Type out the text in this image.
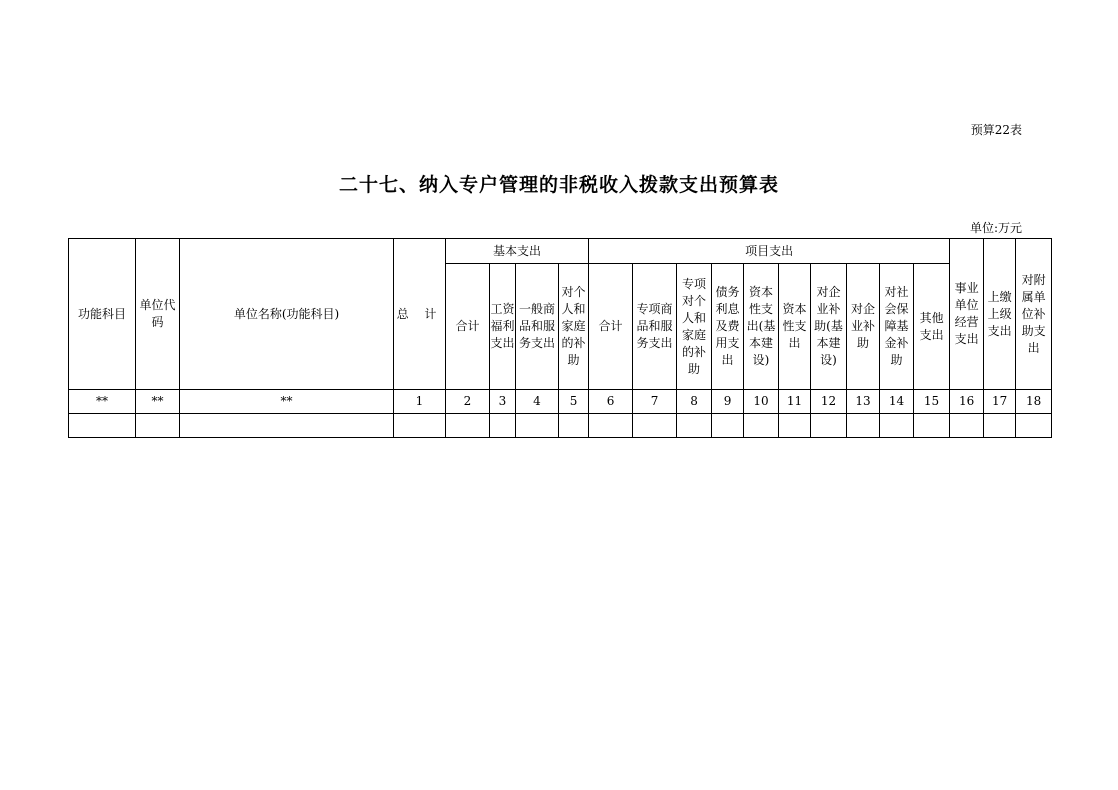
预算22表
二十七、纳入专户管理的非税收入拨款支出预算表
单位:万元
功能科目	单位代码	单位名称(功能科目)	总 计	基本支出				项目支出										事业单位经营支出	上缴上级支出	对附属单位补助支出
				合计	工资福利支出	一般商品和服务支出	对个人和家庭的补助	合计	专项商品和服务支出	专项对个人和家庭的补助	债务利息及费用支出	资本性支出(基本建设)	资本性支出	对企业补助(基本建设)	对企业补助	对社会保障基金补助	其他支出			
**	**	**	1	2	3	4	5	6	7	8	9	10	11	12	13	14	15	16	17	18
